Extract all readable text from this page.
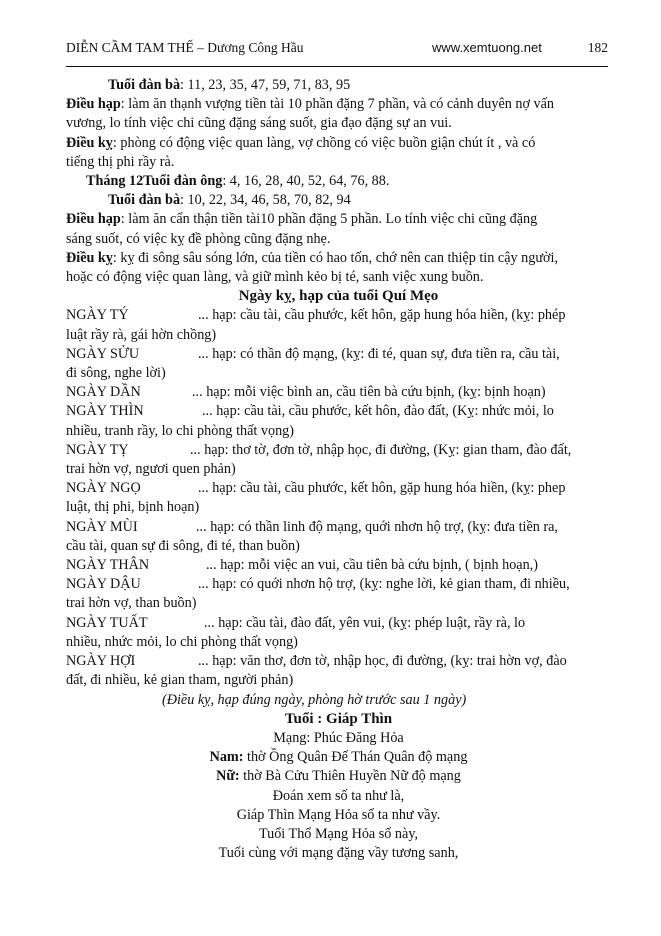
DIỄN CẦM TAM THẾ – Dương Công Hầu	www.xemtuong.net	182
Tuổi đàn bà: 11, 23, 35, 47, 59, 71, 83, 95
Điều hạp: làm ăn thạnh vượng tiền tài 10 phần đặng 7 phần, và có cảnh duyên nợ vấn
vương, lo tính việc chi cũng đặng sáng suốt, gia đạo đặng sự an vui.
Điều kỵ: phòng có động việc quan làng, vợ chồng có việc buồn giận chút ít , và có
tiếng thị phi rầy rà.
Tháng 12Tuổi đàn ông: 4, 16, 28, 40, 52, 64, 76, 88.
Tuổi đàn bà: 10, 22, 34, 46, 58, 70, 82, 94
Điều hạp: làm ăn cẩn thận tiền tài10 phần đặng 5 phần. Lo tính việc chi cũng đặng
sáng suốt, có việc kỵ đề phòng cũng đặng nhẹ.
Điều kỵ: kỵ đi sông sâu sóng lớn, của tiền có hao tốn, chớ nên can thiệp tin cậy người,
hoặc có động việc quan làng, và giữ mình kẻo bị té, sanh việc xung buồn.
Ngày kỵ, hạp của tuổi Quí Mẹo
NGÀY TÝ	... hạp: cầu tài, cầu phước, kết hôn, gặp hung hóa hiền, (kỵ: phép
luật rầy rà, gái hờn chồng)
NGÀY SỬU	... hạp: có thần độ mạng, (kỵ: đi té, quan sự, đưa tiền ra, cầu tài,
đi sông, nghe lời)
NGÀY DẦN	... hạp: mỗi việc bình an, cầu tiên bà cứu bịnh, (kỵ: bịnh hoạn)
NGÀY THÌN	... hạp: cầu tài, cầu phước, kết hôn, đào đất, (Kỵ: nhức mỏi, lo
nhiều, tranh rầy, lo chi phòng thất vọng)
NGÀY TỴ	... hạp: thơ tờ, đơn tờ, nhập học, đi đường, (Kỵ: gian tham, đào đất,
trai hờn vợ, ngươi quen phản)
NGÀY NGỌ	... hạp: cầu tài, cầu phước, kết hôn, gặp hung hóa hiền, (kỵ: phep
luật, thị phi, bịnh hoạn)
NGÀY MÙI	... hạp: có thần linh độ mạng, quới nhơn hộ trợ, (kỵ: đưa tiền ra,
cầu tài, quan sự đi sông, đi té, than buồn)
NGÀY THÂN	... hạp: mỗi việc an vui, cầu tiên bà cứu bịnh, ( bịnh hoạn,)
NGÀY DẬU	... hạp: có quới nhơn hộ trợ, (kỵ: nghe lời, kẻ gian tham, đi nhiều,
trai hờn vợ, than buồn)
NGÀY TUẤT	... hạp: cầu tài, đào đất, yên vui, (kỵ: phép luật, rầy rà, lo
nhiều, nhức mỏi, lo chi phòng thất vọng)
NGÀY HỢI	... hạp: văn thơ, đơn tờ, nhập học, đi đường, (kỵ: trai hờn vợ, đào
đất, đi nhiều, kẻ gian tham, người phản)
(Điều kỵ, hạp đúng ngày, phòng hờ trước sau 1 ngày)
Tuổi : Giáp Thìn
Mạng: Phúc Đăng Hỏa
Nam: thờ Ồng Quân Đế Thán Quân độ mạng
Nữ: thờ Bà Cửu Thiên Huyền Nữ độ mạng
Đoán xem số ta như là,
Giáp Thìn Mạng Hỏa số ta như vầy.
Tuổi Thổ Mạng Hỏa số này,
Tuổi cùng với mạng đặng vầy tương sanh,
